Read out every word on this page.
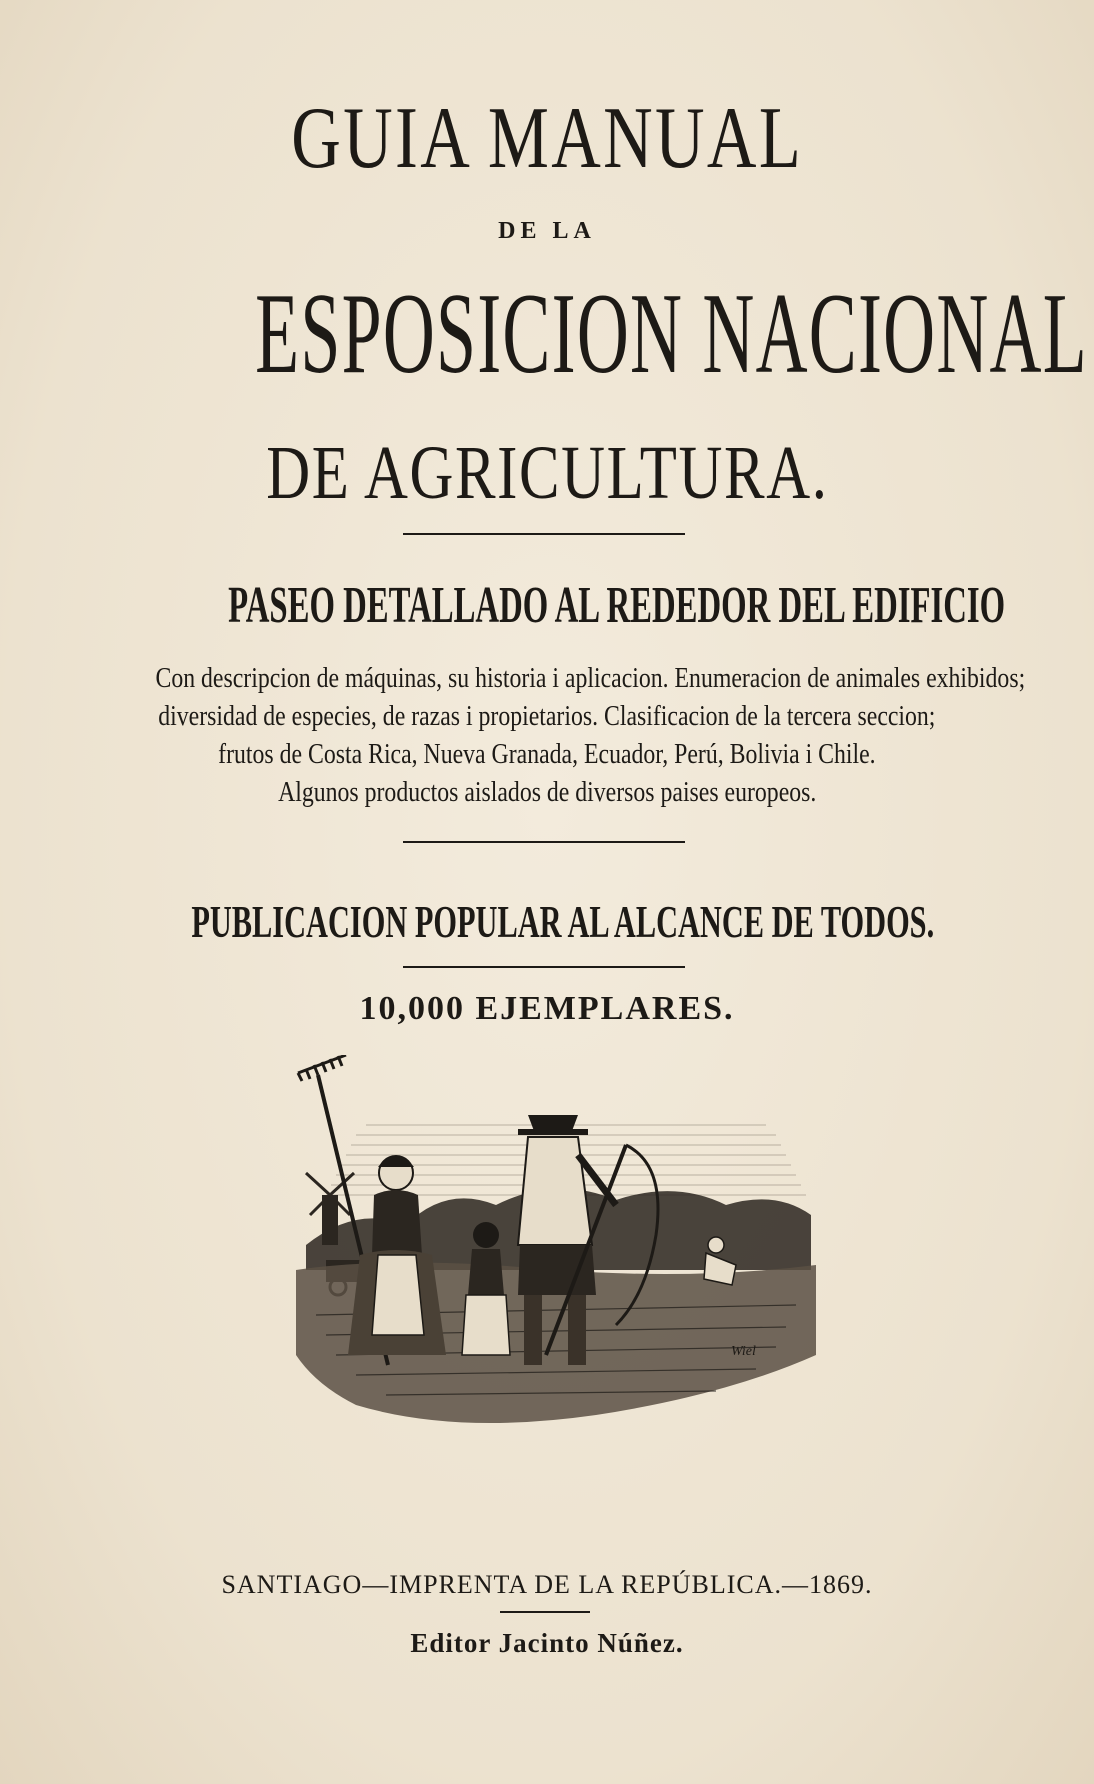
GUIA MANUAL
DE LA
ESPOSICION NACIONAL
DE AGRICULTURA.
PASEO DETALLADO AL REDEDOR DEL EDIFICIO
Con descripcion de máquinas, su historia i aplicacion. Enumeracion de animales exhibidos;
diversidad de especies, de razas i propietarios. Clasificacion de la tercera seccion;
frutos de Costa Rica, Nueva Granada, Ecuador, Perú, Bolivia i Chile.
Algunos productos aislados de diversos paises europeos.
PUBLICACION POPULAR AL ALCANCE DE TODOS.
10,000 EJEMPLARES.
Wiel
SANTIAGO—IMPRENTA DE LA REPÚBLICA.—1869.
Editor Jacinto Núñez.
